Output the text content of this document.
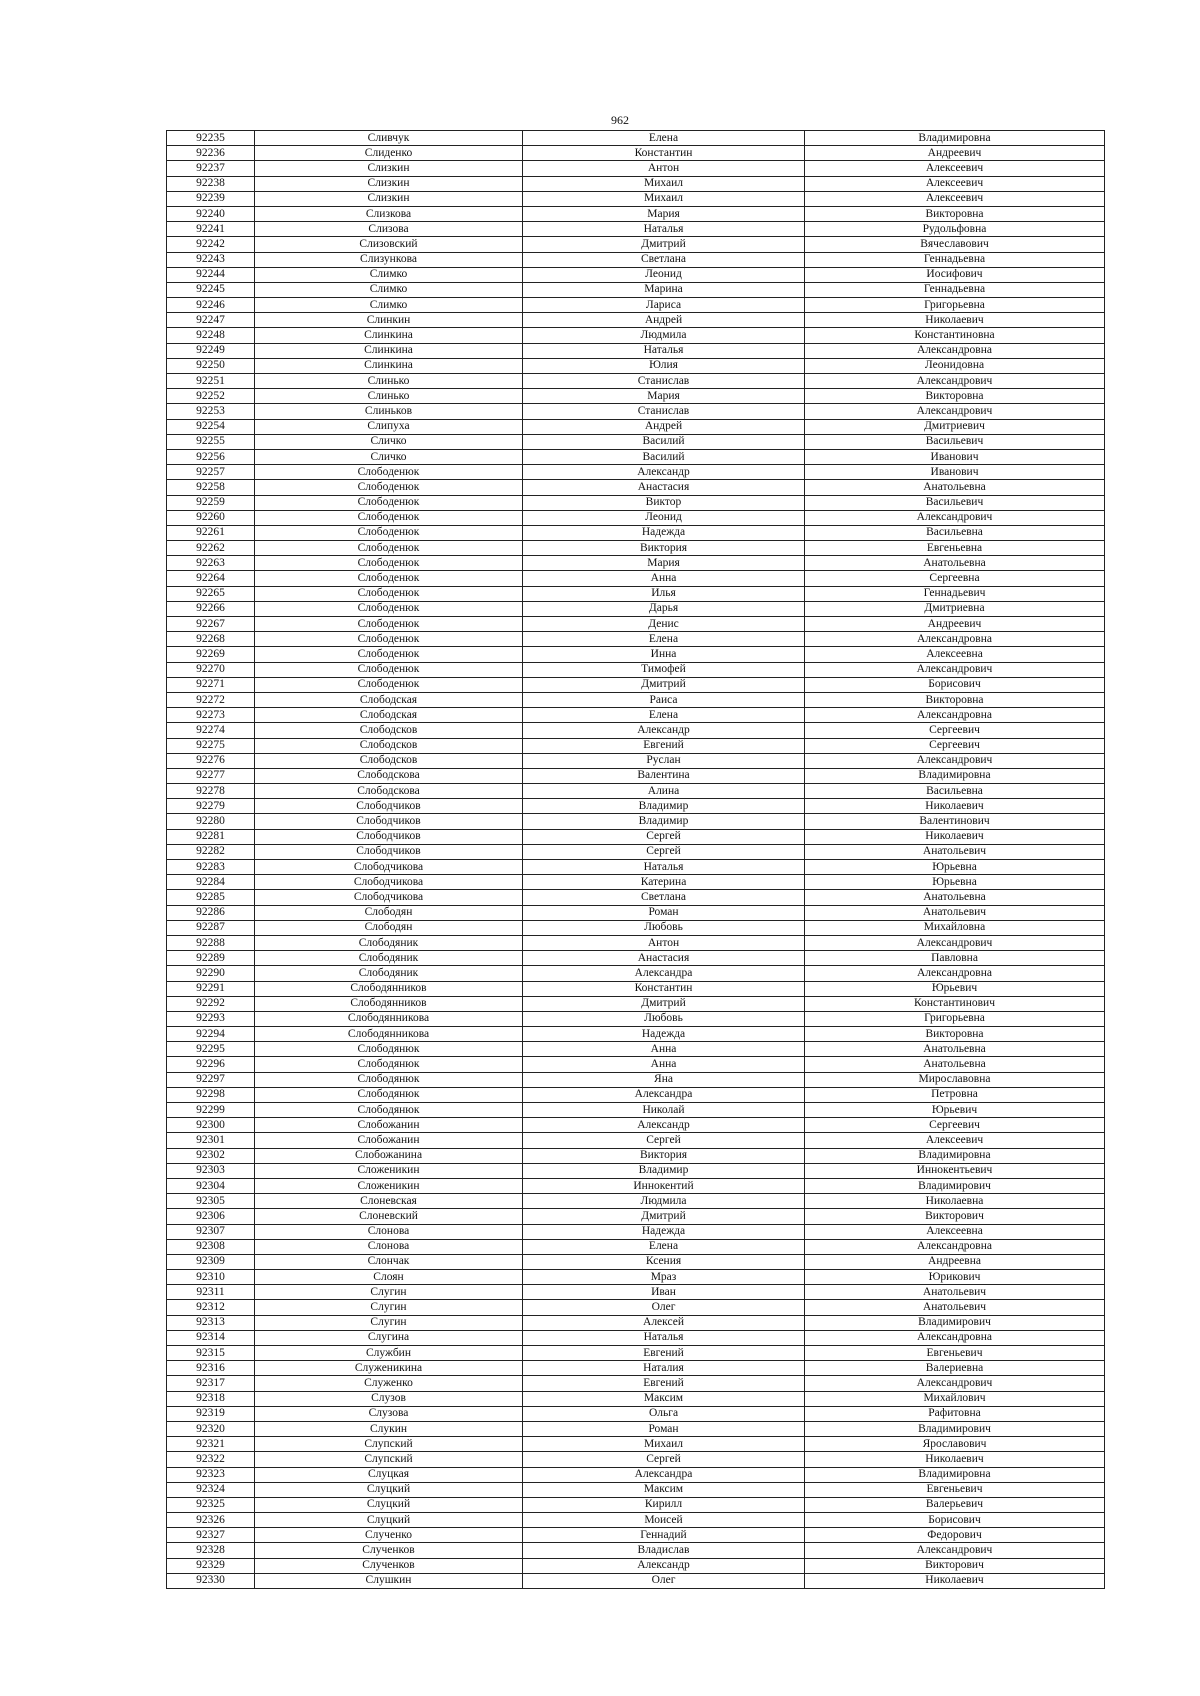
962
92235	Сливчук	Елена	Владимировна
92236	Слиденко	Константин	Андреевич
92237	Слизкин	Антон	Алексеевич
92238	Слизкин	Михаил	Алексеевич
92239	Слизкин	Михаил	Алексеевич
92240	Слизкова	Мария	Викторовна
92241	Слизова	Наталья	Рудольфовна
92242	Слизовский	Дмитрий	Вячеславович
92243	Слизункова	Светлана	Геннадьевна
92244	Слимко	Леонид	Иосифович
92245	Слимко	Марина	Геннадьевна
92246	Слимко	Лариса	Григорьевна
92247	Слинкин	Андрей	Николаевич
92248	Слинкина	Людмила	Константиновна
92249	Слинкина	Наталья	Александровна
92250	Слинкина	Юлия	Леонидовна
92251	Слинько	Станислав	Александрович
92252	Слинько	Мария	Викторовна
92253	Слиньков	Станислав	Александрович
92254	Слипуха	Андрей	Дмитриевич
92255	Сличко	Василий	Васильевич
92256	Сличко	Василий	Иванович
92257	Слободенюк	Александр	Иванович
92258	Слободенюк	Анастасия	Анатольевна
92259	Слободенюк	Виктор	Васильевич
92260	Слободенюк	Леонид	Александрович
92261	Слободенюк	Надежда	Васильевна
92262	Слободенюк	Виктория	Евгеньевна
92263	Слободенюк	Мария	Анатольевна
92264	Слободенюк	Анна	Сергеевна
92265	Слободенюк	Илья	Геннадьевич
92266	Слободенюк	Дарья	Дмитриевна
92267	Слободенюк	Денис	Андреевич
92268	Слободенюк	Елена	Александровна
92269	Слободенюк	Инна	Алексеевна
92270	Слободенюк	Тимофей	Александрович
92271	Слободенюк	Дмитрий	Борисович
92272	Слободская	Раиса	Викторовна
92273	Слободская	Елена	Александровна
92274	Слободсков	Александр	Сергеевич
92275	Слободсков	Евгений	Сергеевич
92276	Слободсков	Руслан	Александрович
92277	Слободскова	Валентина	Владимировна
92278	Слободскова	Алина	Васильевна
92279	Слободчиков	Владимир	Николаевич
92280	Слободчиков	Владимир	Валентинович
92281	Слободчиков	Сергей	Николаевич
92282	Слободчиков	Сергей	Анатольевич
92283	Слободчикова	Наталья	Юрьевна
92284	Слободчикова	Катерина	Юрьевна
92285	Слободчикова	Светлана	Анатольевна
92286	Слободян	Роман	Анатольевич
92287	Слободян	Любовь	Михайловна
92288	Слободяник	Антон	Александрович
92289	Слободяник	Анастасия	Павловна
92290	Слободяник	Александра	Александровна
92291	Слободянников	Константин	Юрьевич
92292	Слободянников	Дмитрий	Константинович
92293	Слободянникова	Любовь	Григорьевна
92294	Слободянникова	Надежда	Викторовна
92295	Слободянюк	Анна	Анатольевна
92296	Слободянюк	Анна	Анатольевна
92297	Слободянюк	Яна	Мирославовна
92298	Слободянюк	Александра	Петровна
92299	Слободянюк	Николай	Юрьевич
92300	Слобожанин	Александр	Сергеевич
92301	Слобожанин	Сергей	Алексеевич
92302	Слобожанина	Виктория	Владимировна
92303	Сложеникин	Владимир	Иннокентьевич
92304	Сложеникин	Иннокентий	Владимирович
92305	Слоневская	Людмила	Николаевна
92306	Слоневский	Дмитрий	Викторович
92307	Слонова	Надежда	Алексеевна
92308	Слонова	Елена	Александровна
92309	Слончак	Ксения	Андреевна
92310	Слоян	Мраз	Юрикович
92311	Слугин	Иван	Анатольевич
92312	Слугин	Олег	Анатольевич
92313	Слугин	Алексей	Владимирович
92314	Слугина	Наталья	Александровна
92315	Службин	Евгений	Евгеньевич
92316	Служеникина	Наталия	Валериевна
92317	Служенко	Евгений	Александрович
92318	Слузов	Максим	Михайлович
92319	Слузова	Ольга	Рафитовна
92320	Слукин	Роман	Владимирович
92321	Слупский	Михаил	Ярославович
92322	Слупский	Сергей	Николаевич
92323	Слуцкая	Александра	Владимировна
92324	Слуцкий	Максим	Евгеньевич
92325	Слуцкий	Кирилл	Валерьевич
92326	Слуцкий	Моисей	Борисович
92327	Слученко	Геннадий	Федорович
92328	Слученков	Владислав	Александрович
92329	Слученков	Александр	Викторович
92330	Слушкин	Олег	Николаевич
